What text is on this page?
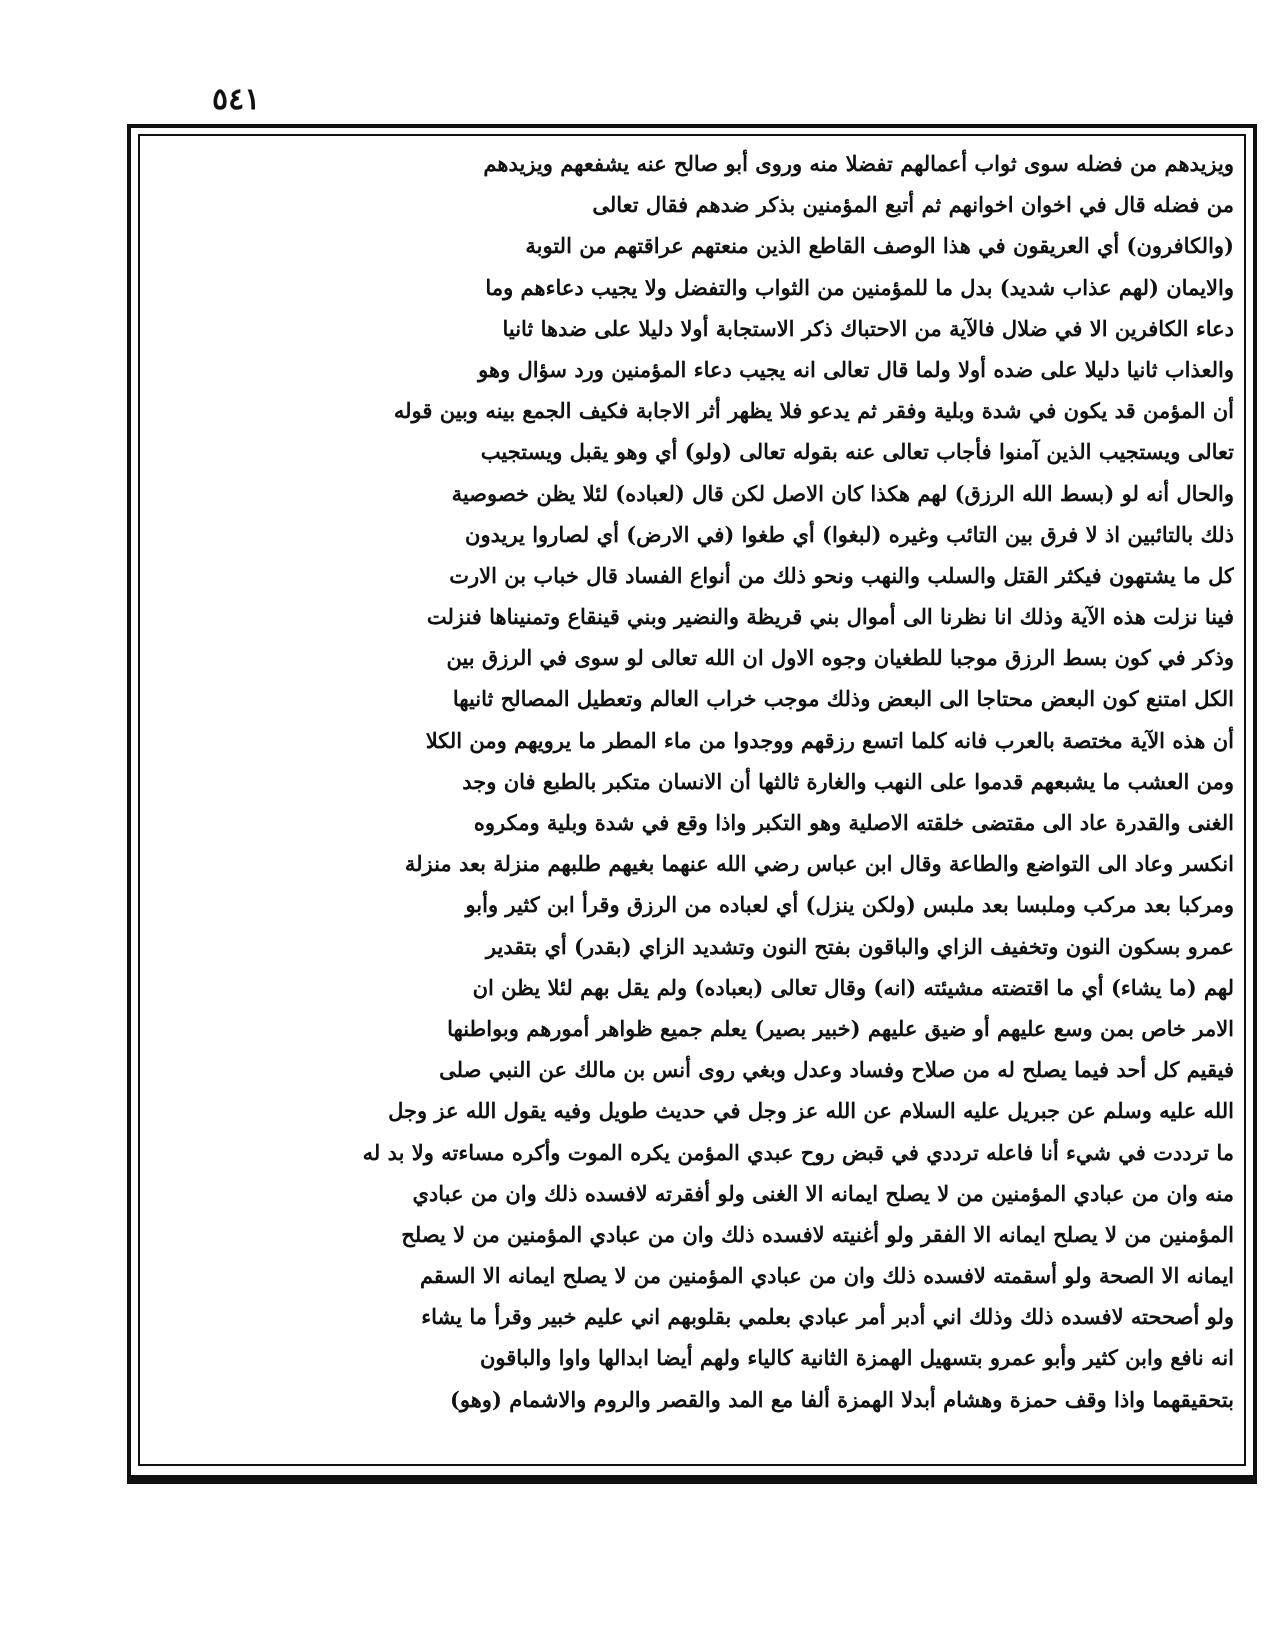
٥٤١
ويزيدهم من فضله سوى ثواب أعمالهم تفضلا منه وروى أبو صالح عنه يشفعهم ويزيدهم
من فضله قال في اخوان اخوانهم ثم أتبع المؤمنين بذكر ضدهم فقال تعالى
(والكافرون) أي العريقون في هذا الوصف القاطع الذين منعتهم عراقتهم من التوبة
والايمان (لهم عذاب شديد) بدل ما للمؤمنين من الثواب والتفضل ولا يجيب دعاءهم وما
دعاء الكافرين الا في ضلال فالآية من الاحتباك ذكر الاستجابة أولا دليلا على ضدها ثانيا
والعذاب ثانيا دليلا على ضده أولا ولما قال تعالى انه يجيب دعاء المؤمنين ورد سؤال وهو
أن المؤمن قد يكون في شدة وبلية وفقر ثم يدعو فلا يظهر أثر الاجابة فكيف الجمع بينه وبين قوله
تعالى ويستجيب الذين آمنوا فأجاب تعالى عنه بقوله تعالى (ولو) أي وهو يقبل ويستجيب
والحال أنه لو (بسط الله الرزق) لهم هكذا كان الاصل لكن قال (لعباده) لئلا يظن خصوصية
ذلك بالتائبين اذ لا فرق بين التائب وغيره (لبغوا) أي طغوا (في الارض) أي لصاروا يريدون
كل ما يشتهون فيكثر القتل والسلب والنهب ونحو ذلك من أنواع الفساد قال خباب بن الارت
فينا نزلت هذه الآية وذلك انا نظرنا الى أموال بني قريظة والنضير وبني قينقاع وتمنيناها فنزلت
وذكر في كون بسط الرزق موجبا للطغيان وجوه الاول ان الله تعالى لو سوى في الرزق بين
الكل امتنع كون البعض محتاجا الى البعض وذلك موجب خراب العالم وتعطيل المصالح ثانيها
أن هذه الآية مختصة بالعرب فانه كلما اتسع رزقهم ووجدوا من ماء المطر ما يرويهم ومن الكلا
ومن العشب ما يشبعهم قدموا على النهب والغارة ثالثها أن الانسان متكبر بالطبع فان وجد
الغنى والقدرة عاد الى مقتضى خلقته الاصلية وهو التكبر واذا وقع في شدة وبلية ومكروه
انكسر وعاد الى التواضع والطاعة وقال ابن عباس رضي الله عنهما بغيهم طلبهم منزلة بعد منزلة
ومركبا بعد مركب وملبسا بعد ملبس (ولكن ينزل) أي لعباده من الرزق وقرأ ابن كثير وأبو
عمرو بسكون النون وتخفيف الزاي والباقون بفتح النون وتشديد الزاي (بقدر) أي بتقدير
لهم (ما يشاء) أي ما اقتضته مشيئته (انه) وقال تعالى (بعباده) ولم يقل بهم لئلا يظن ان
الامر خاص بمن وسع عليهم أو ضيق عليهم (خبير بصير) يعلم جميع ظواهر أمورهم وبواطنها
فيقيم كل أحد فيما يصلح له من صلاح وفساد وعدل وبغي روى أنس بن مالك عن النبي صلى
الله عليه وسلم عن جبريل عليه السلام عن الله عز وجل في حديث طويل وفيه يقول الله عز وجل
ما ترددت في شيء أنا فاعله ترددي في قبض روح عبدي المؤمن يكره الموت وأكره مساءته ولا بد له
منه وان من عبادي المؤمنين من لا يصلح ايمانه الا الغنى ولو أفقرته لافسده ذلك وان من عبادي
المؤمنين من لا يصلح ايمانه الا الفقر ولو أغنيته لافسده ذلك وان من عبادي المؤمنين من لا يصلح
ايمانه الا الصحة ولو أسقمته لافسده ذلك وان من عبادي المؤمنين من لا يصلح ايمانه الا السقم
ولو أصححته لافسده ذلك وذلك اني أدبر أمر عبادي بعلمي بقلوبهم اني عليم خبير وقرأ ما يشاء
انه نافع وابن كثير وأبو عمرو بتسهيل الهمزة الثانية كالياء ولهم أيضا ابدالها واوا والباقون
بتحقيقهما واذا وقف حمزة وهشام أبدلا الهمزة ألفا مع المد والقصر والروم والاشمام (وهو)
